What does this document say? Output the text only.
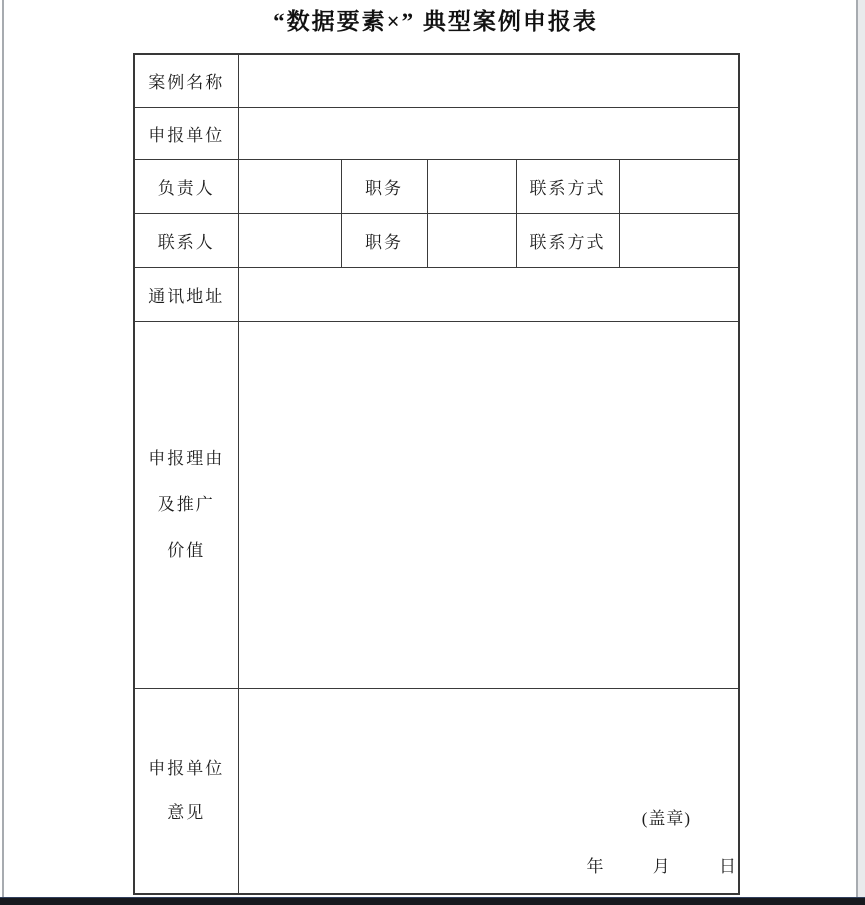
“数据要素×” 典型案例申报表
案例名称					
申报单位					
负责人		职务		联系方式	
联系人		职务		联系方式	
通讯地址					

申报理由
及推广
价值					

申报单位
意见	(盖章)
年	月	日
